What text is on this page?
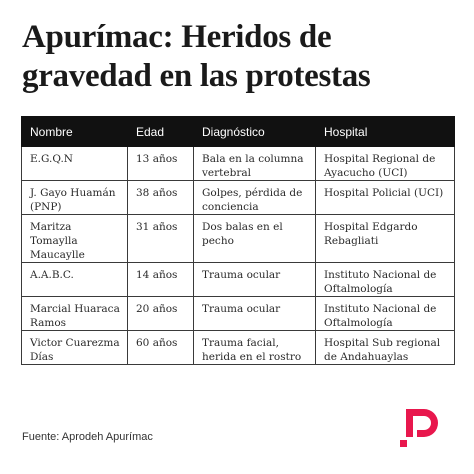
Apurímac: Heridos de gravedad en las protestas
Nombre	Edad	Diagnóstico	Hospital
E.G.Q.N	13 años	Bala en la columna vertebral	Hospital Regional de Ayacucho (UCI)
J. Gayo Huamán (PNP)	38 años	Golpes, pérdida de conciencia	Hospital Policial (UCI)
Maritza Tomaylla Maucaylle	31 años	Dos balas en el pecho	Hospital Edgardo Rebagliati
A.A.B.C.	14 años	Trauma ocular	Instituto Nacional de Oftalmología
Marcial Huaraca Ramos	20 años	Trauma ocular	Instituto Nacional de Oftalmología
Victor Cuarezma Días	60 años	Trauma facial, herida en el rostro	Hospital Sub regional de Andahuaylas
Fuente: Aprodeh Apurímac
